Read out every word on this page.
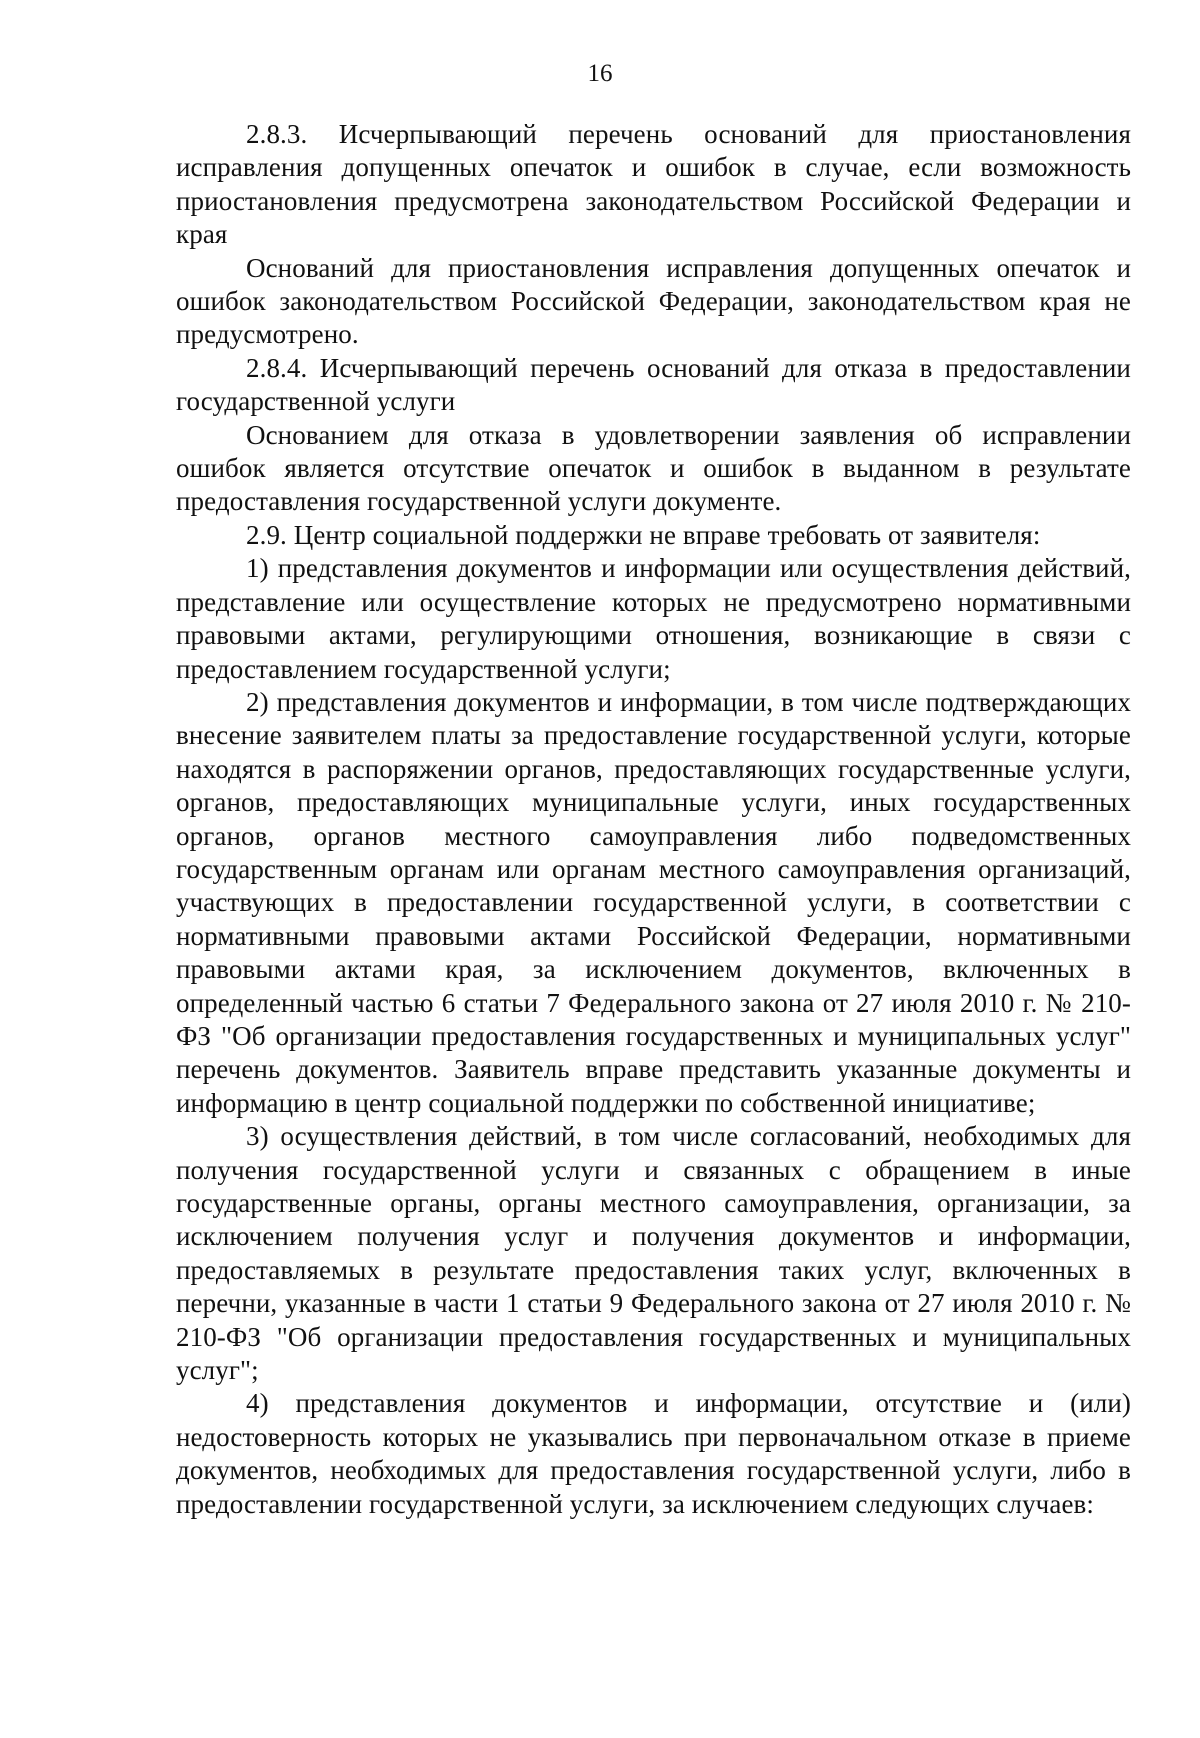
16

2.8.3. Исчерпывающий перечень оснований для приостановления исправления допущенных опечаток и ошибок в случае, если возможность приостановления предусмотрена законодательством Российской Федерации и края

Оснований для приостановления исправления допущенных опечаток и ошибок законодательством Российской Федерации, законодательством края не предусмотрено.

2.8.4. Исчерпывающий перечень оснований для отказа в предоставлении государственной услуги

Основанием для отказа в удовлетворении заявления об исправлении ошибок является отсутствие опечаток и ошибок в выданном в результате предоставления государственной услуги документе.

2.9. Центр социальной поддержки не вправе требовать от заявителя:

1) представления документов и информации или осуществления действий, представление или осуществление которых не предусмотрено нормативными правовыми актами, регулирующими отношения, возникающие в связи с предоставлением государственной услуги;

2) представления документов и информации, в том числе подтверждающих внесение заявителем платы за предоставление государственной услуги, которые находятся в распоряжении органов, предоставляющих государственные услуги, органов, предоставляющих муниципальные услуги, иных государственных органов, органов местного самоуправления либо подведомственных государственным органам или органам местного самоуправления организаций, участвующих в предоставлении государственной услуги, в соответствии с нормативными правовыми актами Российской Федерации, нормативными правовыми актами края, за исключением документов, включенных в определенный частью 6 статьи 7 Федерального закона от 27 июля 2010 г. № 210-ФЗ "Об организации предоставления государственных и муниципальных услуг" перечень документов. Заявитель вправе представить указанные документы и информацию в центр социальной поддержки по собственной инициативе;

3) осуществления действий, в том числе согласований, необходимых для получения государственной услуги и связанных с обращением в иные государственные органы, органы местного самоуправления, организации, за исключением получения услуг и получения документов и информации, предоставляемых в результате предоставления таких услуг, включенных в перечни, указанные в части 1 статьи 9 Федерального закона от 27 июля 2010 г. № 210-ФЗ "Об организации предоставления государственных и муниципальных услуг";

4) представления документов и информации, отсутствие и (или) недостоверность которых не указывались при первоначальном отказе в приеме документов, необходимых для предоставления государственной услуги, либо в предоставлении государственной услуги, за исключением следующих случаев:
